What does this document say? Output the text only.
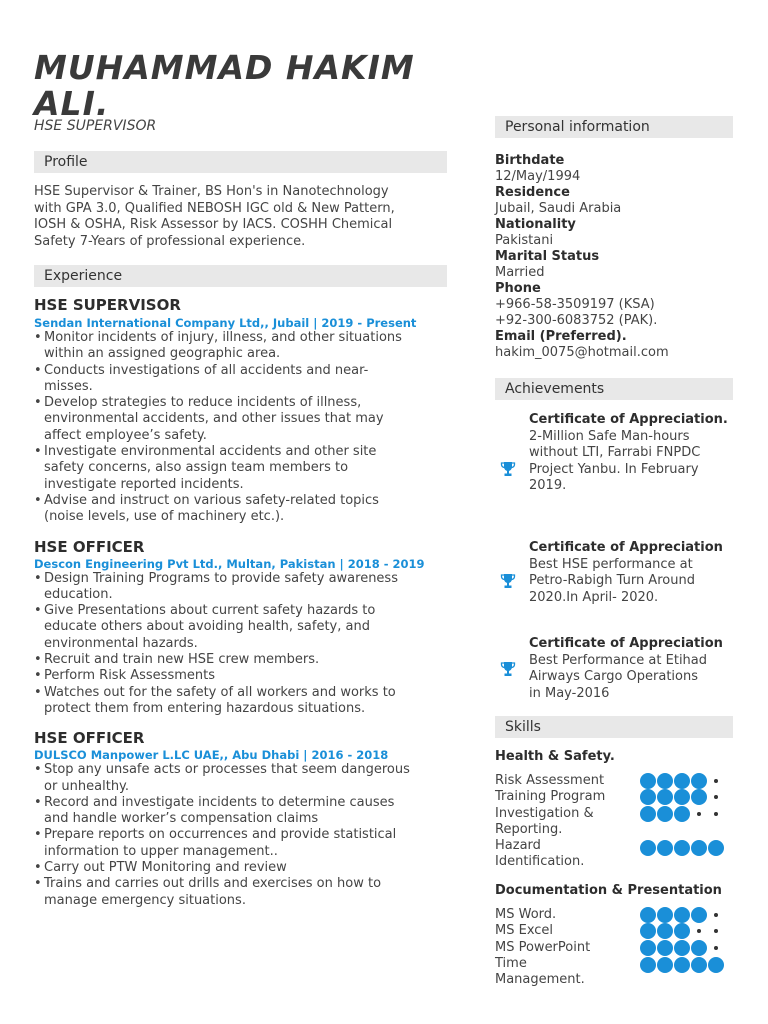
MUHAMMAD HAKIM
ALI.
HSE SUPERVISOR
Profile
HSE Supervisor & Trainer, BS Hon's in Nanotechnology
with GPA 3.0, Qualified NEBOSH IGC old & New Pattern,
IOSH & OSHA, Risk Assessor by IACS. COSHH Chemical
Safety 7-Years of professional experience.
Experience
HSE SUPERVISOR
Sendan International Company Ltd,, Jubail | 2019 - Present
• Monitor incidents of injury, illness, and other situations
within an assigned geographic area.
• Conducts investigations of all accidents and near-
misses.
• Develop strategies to reduce incidents of illness,
environmental accidents, and other issues that may
affect employee’s safety.
• Investigate environmental accidents and other site
safety concerns, also assign team members to
investigate reported incidents.
• Advise and instruct on various safety-related topics
(noise levels, use of machinery etc.).
HSE OFFICER
Descon Engineering Pvt Ltd., Multan, Pakistan | 2018 - 2019
• Design Training Programs to provide safety awareness
education.
• Give Presentations about current safety hazards to
educate others about avoiding health, safety, and
environmental hazards.
• Recruit and train new HSE crew members.
• Perform Risk Assessments
• Watches out for the safety of all workers and works to
protect them from entering hazardous situations.
HSE OFFICER
DULSCO Manpower L.LC UAE,, Abu Dhabi | 2016 - 2018
• Stop any unsafe acts or processes that seem dangerous
or unhealthy.
• Record and investigate incidents to determine causes
and handle worker’s compensation claims
• Prepare reports on occurrences and provide statistical
information to upper management..
• Carry out PTW Monitoring and review
• Trains and carries out drills and exercises on how to
manage emergency situations.
Personal information
Birthdate
12/May/1994
Residence
Jubail, Saudi Arabia
Nationality
Pakistani
Marital Status
Married
Phone
+966-58-3509197 (KSA)
+92-300-6083752 (PAK).
Email (Preferred).
hakim_0075@hotmail.com
Achievements
Certificate of Appreciation.
2-Million Safe Man-hours
without LTI, Farrabi FNPDC
Project Yanbu. In February
2019.
Certificate of Appreciation
Best HSE performance at
Petro-Rabigh Turn Around
2020.In April- 2020.
Certificate of Appreciation
Best Performance at Etihad
Airways Cargo Operations
in May-2016
Skills
Health & Safety.
Risk Assessment
Training Program
Investigation &
Reporting.
Hazard
Identification.
Documentation & Presentation
MS Word.
MS Excel
MS PowerPoint
Time
Management.
